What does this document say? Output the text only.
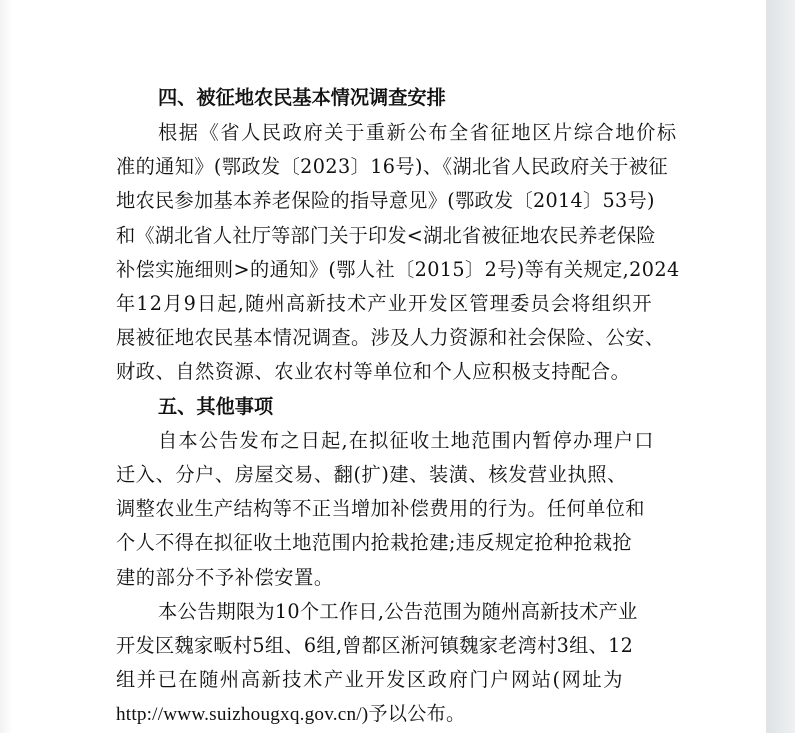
四、被征地农民基本情况调查安排
根据《省人民政府关于重新公布全省征地区片综合地价标
准的通知》(鄂政发〔2023〕16号)、《湖北省人民政府关于被征
地农民参加基本养老保险的指导意见》(鄂政发〔2014〕53号)
和《湖北省人社厅等部门关于印发<湖北省被征地农民养老保险
补偿实施细则>的通知》(鄂人社〔2015〕2号)等有关规定,2024
年12月9日起,随州高新技术产业开发区管理委员会将组织开
展被征地农民基本情况调查。涉及人力资源和社会保险、公安、
财政、自然资源、农业农村等单位和个人应积极支持配合。
五、其他事项
自本公告发布之日起,在拟征收土地范围内暂停办理户口
迁入、分户、房屋交易、翻(扩)建、装潢、核发营业执照、
调整农业生产结构等不正当增加补偿费用的行为。任何单位和
个人不得在拟征收土地范围内抢栽抢建;违反规定抢种抢栽抢
建的部分不予补偿安置。
本公告期限为10个工作日,公告范围为随州高新技术产业
开发区魏家畈村5组、6组,曾都区淅河镇魏家老湾村3组、12
组并已在随州高新技术产业开发区政府门户网站(网址为
http://www.suizhougxq.gov.cn/)予以公布。
